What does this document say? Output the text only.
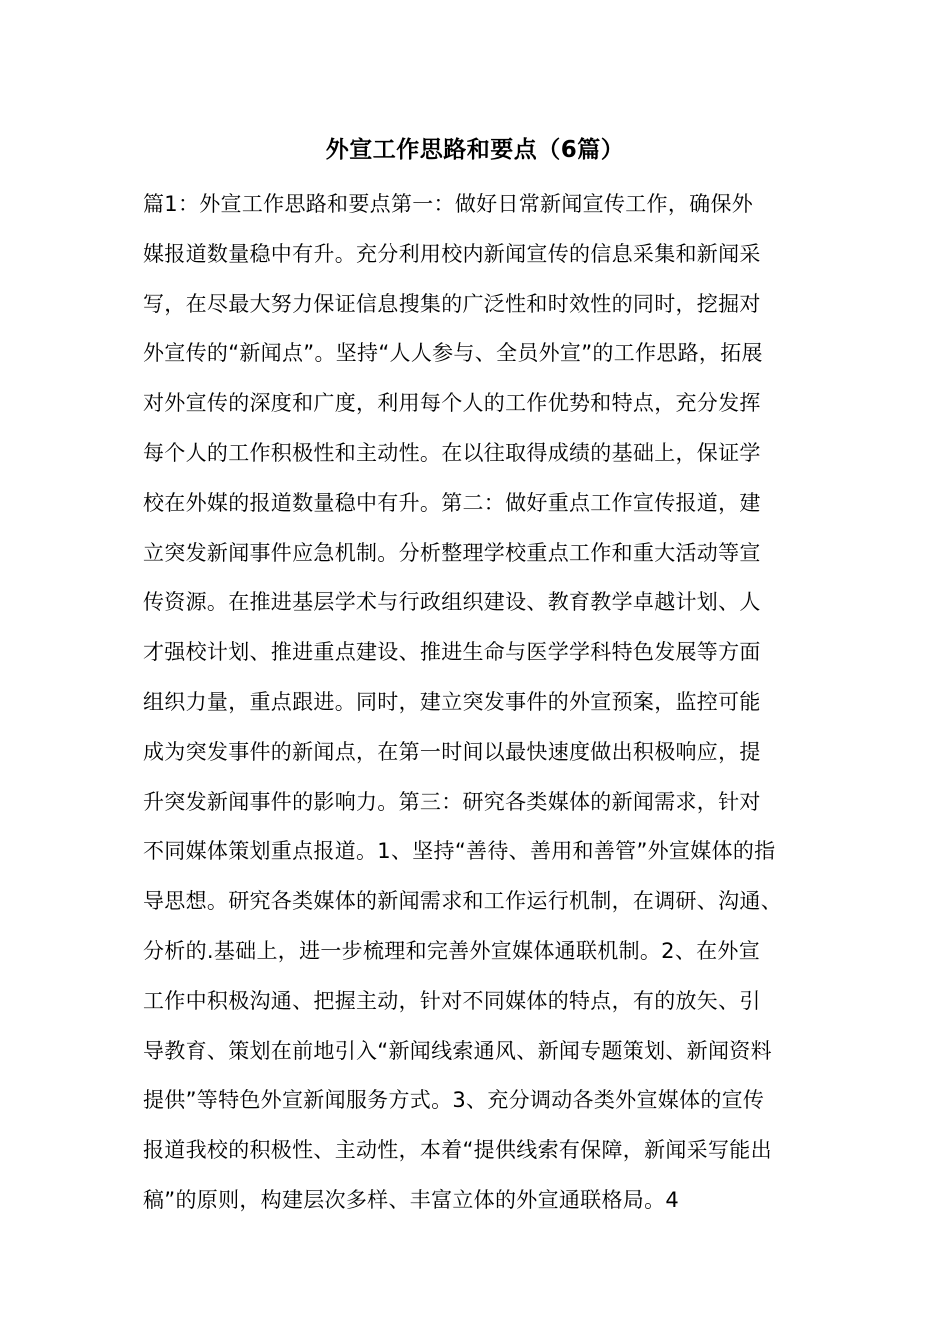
外宣工作思路和要点（6篇）
篇1：外宣工作思路和要点第一：做好日常新闻宣传工作，确保外
媒报道数量稳中有升。充分利用校内新闻宣传的信息采集和新闻采
写，在尽最大努力保证信息搜集的广泛性和时效性的同时，挖掘对
外宣传的“新闻点”。坚持“人人参与、全员外宣”的工作思路，拓展
对外宣传的深度和广度，利用每个人的工作优势和特点，充分发挥
每个人的工作积极性和主动性。在以往取得成绩的基础上，保证学
校在外媒的报道数量稳中有升。第二：做好重点工作宣传报道，建
立突发新闻事件应急机制。分析整理学校重点工作和重大活动等宣
传资源。在推进基层学术与行政组织建设、教育教学卓越计划、人
才强校计划、推进重点建设、推进生命与医学学科特色发展等方面
组织力量，重点跟进。同时，建立突发事件的外宣预案，监控可能
成为突发事件的新闻点，在第一时间以最快速度做出积极响应，提
升突发新闻事件的影响力。第三：研究各类媒体的新闻需求，针对
不同媒体策划重点报道。1、坚持“善待、善用和善管”外宣媒体的指
导思想。研究各类媒体的新闻需求和工作运行机制，在调研、沟通、
分析的.基础上，进一步梳理和完善外宣媒体通联机制。2、在外宣
工作中积极沟通、把握主动，针对不同媒体的特点，有的放矢、引
导教育、策划在前地引入“新闻线索通风、新闻专题策划、新闻资料
提供”等特色外宣新闻服务方式。3、充分调动各类外宣媒体的宣传
报道我校的积极性、主动性，本着“提供线索有保障，新闻采写能出
稿”的原则，构建层次多样、丰富立体的外宣通联格局。4
